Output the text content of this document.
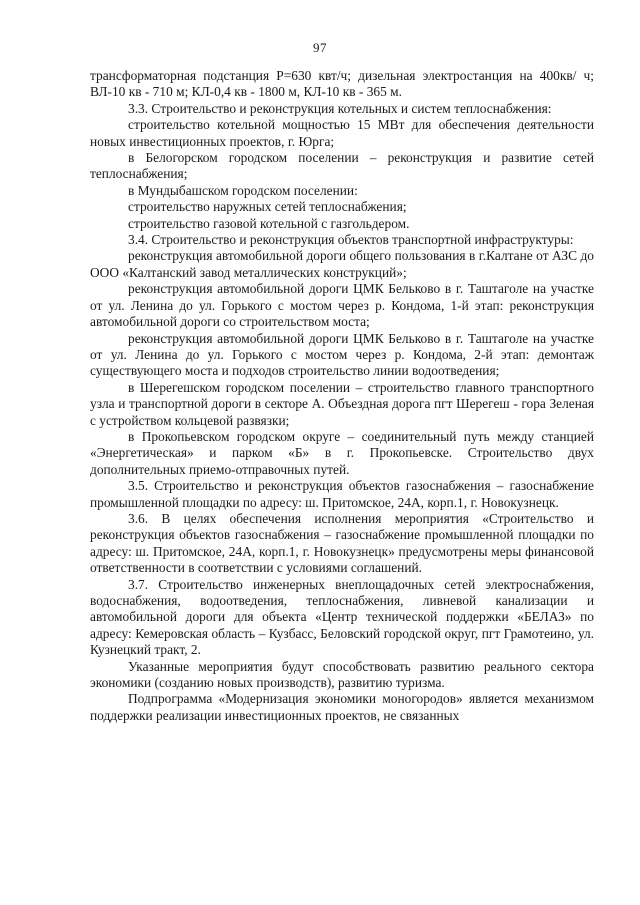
97

трансформаторная подстанция P=630 квт/ч; дизельная электростанция на 400кв/ ч; ВЛ-10 кв - 710 м; КЛ-0,4 кв - 1800 м, КЛ-10 кв - 365 м.

3.3. Строительство и реконструкция котельных и систем теплоснабжения:

строительство котельной мощностью 15 МВт для обеспечения деятельности новых инвестиционных проектов, г. Юрга;

в Белогорском городском поселении – реконструкция и развитие сетей теплоснабжения;

в Мундыбашском городском поселении:

строительство наружных сетей теплоснабжения;

строительство газовой котельной с газгольдером.

3.4. Строительство и реконструкция объектов транспортной инфраструктуры:

реконструкция автомобильной дороги общего пользования в г.Калтане от АЗС до ООО «Калтанский завод металлических конструкций»;

реконструкция автомобильной дороги ЦМК Бельково в г. Таштаголе на участке от ул. Ленина до ул. Горького с мостом через р. Кондома, 1-й этап: реконструкция автомобильной дороги со строительством моста;

реконструкция автомобильной дороги ЦМК Бельково в г. Таштаголе на участке от ул. Ленина до ул. Горького с мостом через р. Кондома, 2-й этап: демонтаж существующего моста и подходов строительство линии водоотведения;

в Шерегешском городском поселении – строительство главного транспортного узла и транспортной дороги в секторе А. Объездная дорога пгт Шерегеш - гора Зеленая с устройством кольцевой развязки;

в Прокопьевском городском округе – соединительный путь между станцией «Энергетическая» и парком «Б» в г. Прокопьевске. Строительство двух дополнительных приемо-отправочных путей.

3.5. Строительство и реконструкция объектов газоснабжения – газоснабжение промышленной площадки по адресу: ш. Притомское, 24А, корп.1, г. Новокузнецк.

3.6. В целях обеспечения исполнения мероприятия «Строительство и реконструкция объектов газоснабжения – газоснабжение промышленной площадки по адресу: ш. Притомское, 24А, корп.1, г. Новокузнецк» предусмотрены меры финансовой ответственности в соответствии с условиями соглашений.

3.7. Строительство инженерных внеплощадочных сетей электроснабжения, водоснабжения, водоотведения, теплоснабжения, ливневой канализации и автомобильной дороги для объекта «Центр технической поддержки «БЕЛАЗ» по адресу: Кемеровская область – Кузбасс, Беловский городской округ, пгт Грамотеино, ул. Кузнецкий тракт, 2.

Указанные мероприятия будут способствовать развитию реального сектора экономики (созданию новых производств), развитию туризма.

Подпрограмма «Модернизация экономики моногородов» является механизмом поддержки реализации инвестиционных проектов, не связанных
